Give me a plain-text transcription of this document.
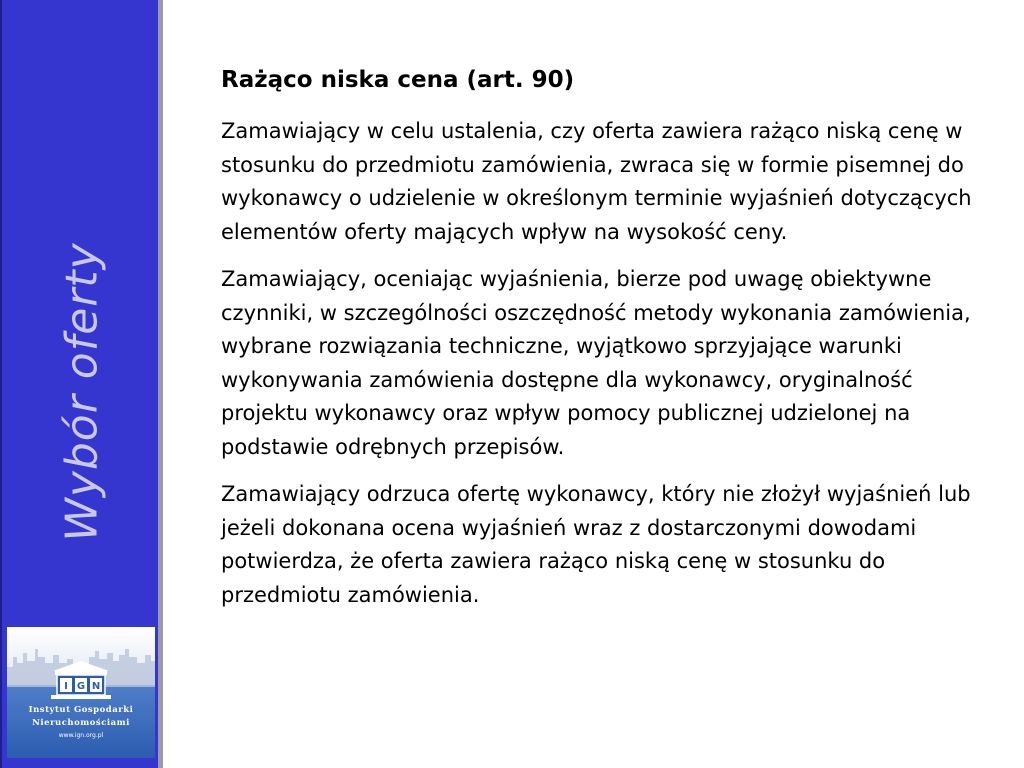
Wybór oferty
I G N
Instytut Gospodarki
Nieruchomościami
www.ign.org.pl
Rażąco niska cena (art. 90)

Zamawiający w celu ustalenia, czy oferta zawiera rażąco niską cenę w stosunku do przedmiotu zamówienia, zwraca się w formie pisemnej do wykonawcy o udzielenie w określonym terminie wyjaśnień dotyczących elementów oferty mających wpływ na wysokość ceny.

Zamawiający, oceniając wyjaśnienia, bierze pod uwagę obiektywne czynniki, w szczególności oszczędność metody wykonania zamówienia, wybrane rozwiązania techniczne, wyjątkowo sprzyjające warunki wykonywania zamówienia dostępne dla wykonawcy, oryginalność projektu wykonawcy oraz wpływ pomocy publicznej udzielonej na podstawie odrębnych przepisów.

Zamawiający odrzuca ofertę wykonawcy, który nie złożył wyjaśnień lub jeżeli dokonana ocena wyjaśnień wraz z dostarczonymi dowodami potwierdza, że oferta zawiera rażąco niską cenę w stosunku do przedmiotu zamówienia.
